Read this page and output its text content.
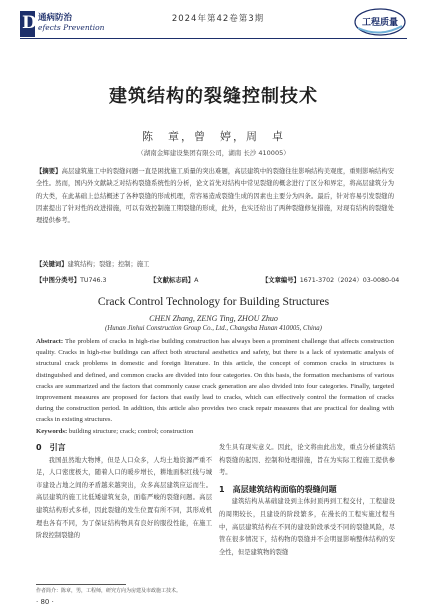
D 通病防治
efects Prevention
2024年第42卷第3期	工程质量
建筑结构的裂缝控制技术
陈　章，曾　婷，周　卓
（湖南金辉建设集团有限公司，湖南 长沙 410005）
【摘要】高层建筑施工中的裂缝问题一直是困扰施工质量的突出难题，高层建筑中的裂缝往往影响结构美观度，重则影响结构安全性。然而，国内外文献缺乏对结构裂缝系统性的分析，论文首先对结构中常见裂缝的概念进行了区分和界定，将高层建筑分为的大类，在此基础上总结概述了各种裂缝的形成机理，常容易造成裂缝生成的因素也主要分为四条。最后，针对容易引发裂缝的因素提出了针对性的改进措施，可以有效控制施工期裂缝的形成，此外，也实还给出了两种裂缝修复措施，对现有结构的裂缝处理提供参考。
【关键词】建筑结构；裂缝；控制；施工
【中图分类号】TU746.3	【文献标志码】A	【文章编号】1671-3702（2024）03-0080-04
Crack Control Technology for Building Structures
CHEN Zhang, ZENG Ting, ZHOU Zhuo
(Hunan Jinhui Construction Group Co., Ltd., Changsha Hunan 410005, China)
Abstract: The problem of cracks in high-rise building construction has always been a prominent challenge that affects construction quality. Cracks in high-rise buildings can affect both structural aesthetics and safety, but there is a lack of systematic analysis of structural crack problems in domestic and foreign literature. In this article, the concept of common cracks in structures is distinguished and defined, and common cracks are divided into four categories. On this basis, the formation mechanisms of various cracks are summarized and the factors that commonly cause crack generation are also divided into four categories. Finally, targeted improvement measures are proposed for factors that easily lead to cracks, which can effectively control the formation of cracks during the construction period. In addition, this article also provides two crack repair measures that are practical for dealing with cracks in existing structures.
Keywords: building structure; crack; control; construction
0　引言
我国虽然地大物博，但是人口众多，人均土地资源严重不足，人口密度极大，随着人口的暖步增长，耕地面积红线与城市建设占地之间的矛盾越来越突出，众多高层建筑应运而生。高层建筑的施工比低矮建筑复杂，面临严峻的裂缝问题。高层建筑结构形式多样，因此裂缝的发生位置有所不同，其形成机理也各有不同，为了保证结构物具有良好的服役性能，在施工阶段控制裂缝的
发生具有现实意义。因此，论文将由此出发，重点分析建筑结构裂缝的起因、控制和处理措施，旨在为实际工程施工提供参考。
1　高层建筑结构面临的裂缝问题
建筑结构从基础建设到主体封顶再到工程交付，工程建设的周期较长，且建设的阶段繁多，在漫长的工程实施过程当中，高层建筑结构在不同的建设阶段承受不同的裂缝风险，尽管在很多情况下，结构物的裂缝并不会明显影响整体结构的安全性，但是建筑物的裂缝
作者简介：陈章，男，工程师，研究方向为房建及市政施工技术。
· 80 ·
